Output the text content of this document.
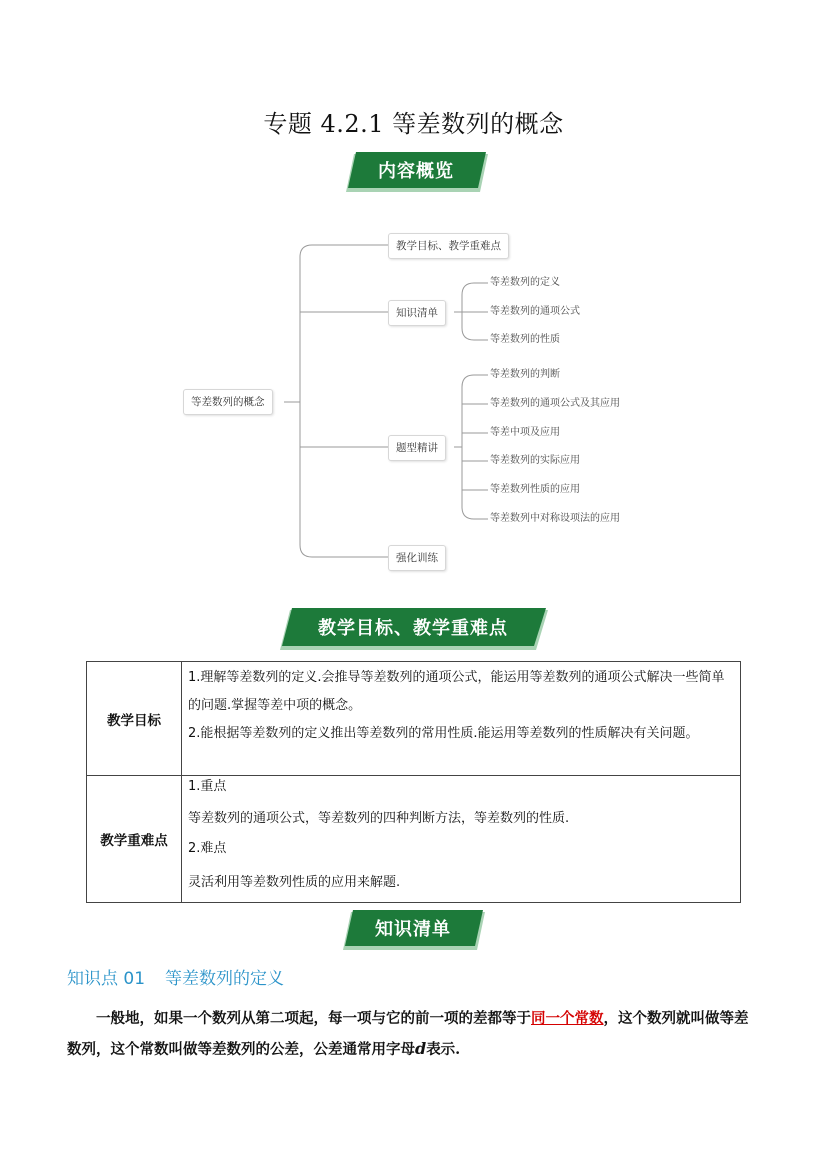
专题 4.2.1 等差数列的概念
内容概览
等差数列的概念
教学目标、教学重难点
知识清单
题型精讲
强化训练
等差数列的定义
等差数列的通项公式
等差数列的性质
等差数列的判断
等差数列的通项公式及其应用
等差中项及应用
等差数列的实际应用
等差数列性质的应用
等差数列中对称设项法的应用
教学目标、教学重难点
教学目标	1.理解等差数列的定义.会推导等差数列的通项公式，能运用等差数列的通项公式解决一些简单的问题.掌握等差中项的概念。

2.能根据等差数列的定义推出等差数列的常用性质.能运用等差数列的性质解决有关问题。

教学重难点	1.重点

等差数列的通项公式，等差数列的四种判断方法，等差数列的性质.

2.难点

灵活利用等差数列性质的应用来解题.

知识清单
知识点 01 等差数列的定义
一般地，如果一个数列从第二项起，每一项与它的前一项的差都等于同一个常数，这个数列就叫做等差数列，这个常数叫做等差数列的公差，公差通常用字母d表示.
